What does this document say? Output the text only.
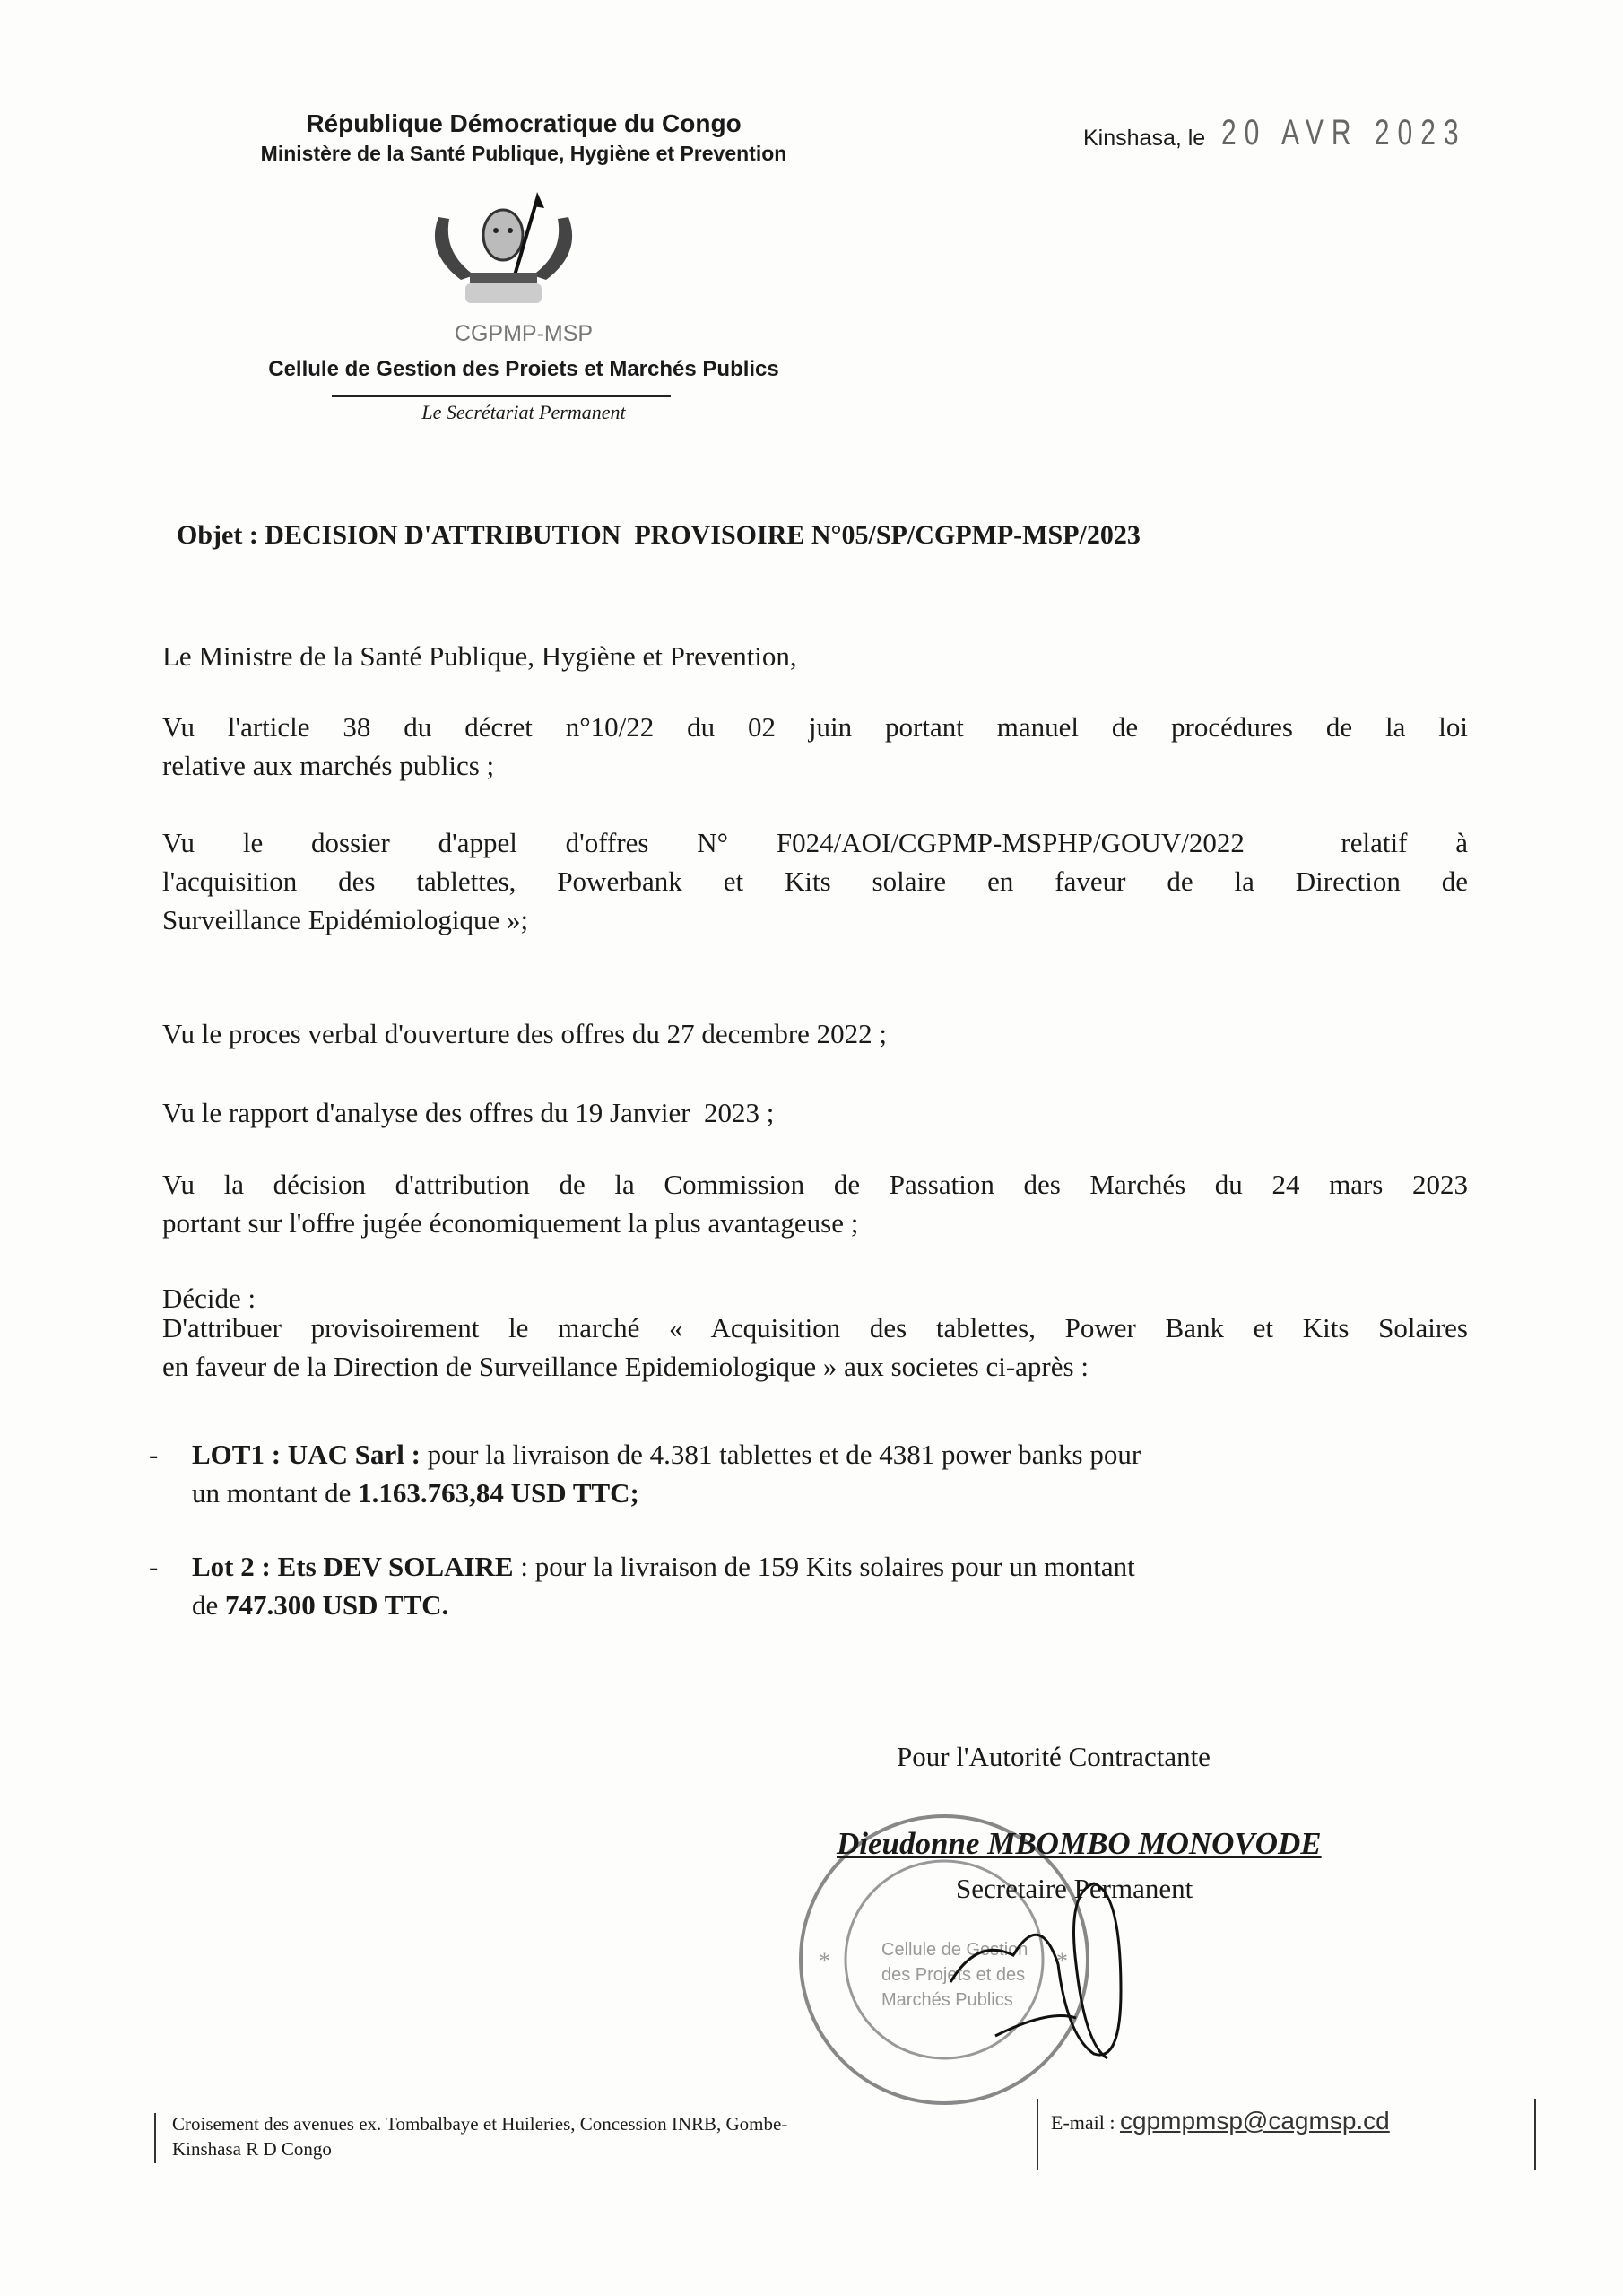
République Démocratique du Congo
Ministère de la Santé Publique, Hygiène et Prevention
Kinshasa, le 20 AVR 2023
CGPMP-MSP
Cellule de Gestion des Proiets et Marchés Publics
Le Secrétariat Permanent
Objet : DECISION D'ATTRIBUTION  PROVISOIRE N°05/SP/CGPMP-MSP/2023
Le Ministre de la Santé Publique, Hygiène et Prevention,
Vu l'article 38 du décret n°10/22 du 02 juin portant manuel de procédures de la loi
relative aux marchés publics ;
Vu le dossier d'appel d'offres N° F024/AOI/CGPMP-MSPHP/GOUV/2022  relatif à
l'acquisition des tablettes, Powerbank et Kits solaire en faveur de la Direction de
Surveillance Epidémiologique »;
Vu le proces verbal d'ouverture des offres du 27 decembre 2022 ;
Vu le rapport d'analyse des offres du 19 Janvier  2023 ;
Vu la décision d'attribution de la Commission de Passation des Marchés du 24 mars 2023
portant sur l'offre jugée économiquement la plus avantageuse ;
Décide :
D'attribuer provisoirement le marché « Acquisition des tablettes, Power Bank et Kits Solaires
en faveur de la Direction de Surveillance Epidemiologique » aux societes ci-après :
- LOT1 : UAC Sarl : pour la livraison de 4.381 tablettes et de 4381 power banks pour
un montant de 1.163.763,84 USD TTC;
- Lot 2 : Ets DEV SOLAIRE : pour la livraison de 159 Kits solaires pour un montant
de 747.300 USD TTC.
Pour l'Autorité Contractante
Cellule de Gestion
des Projets et des
Marchés Publics
*	*
Dieudonne MBOMBO MONOVODE
Secretaire Permanent
Croisement des avenues ex. Tombalbaye et Huileries, Concession INRB, Gombe-
Kinshasa R D Congo
E-mail : cgpmpmsp@cagmsp.cd
